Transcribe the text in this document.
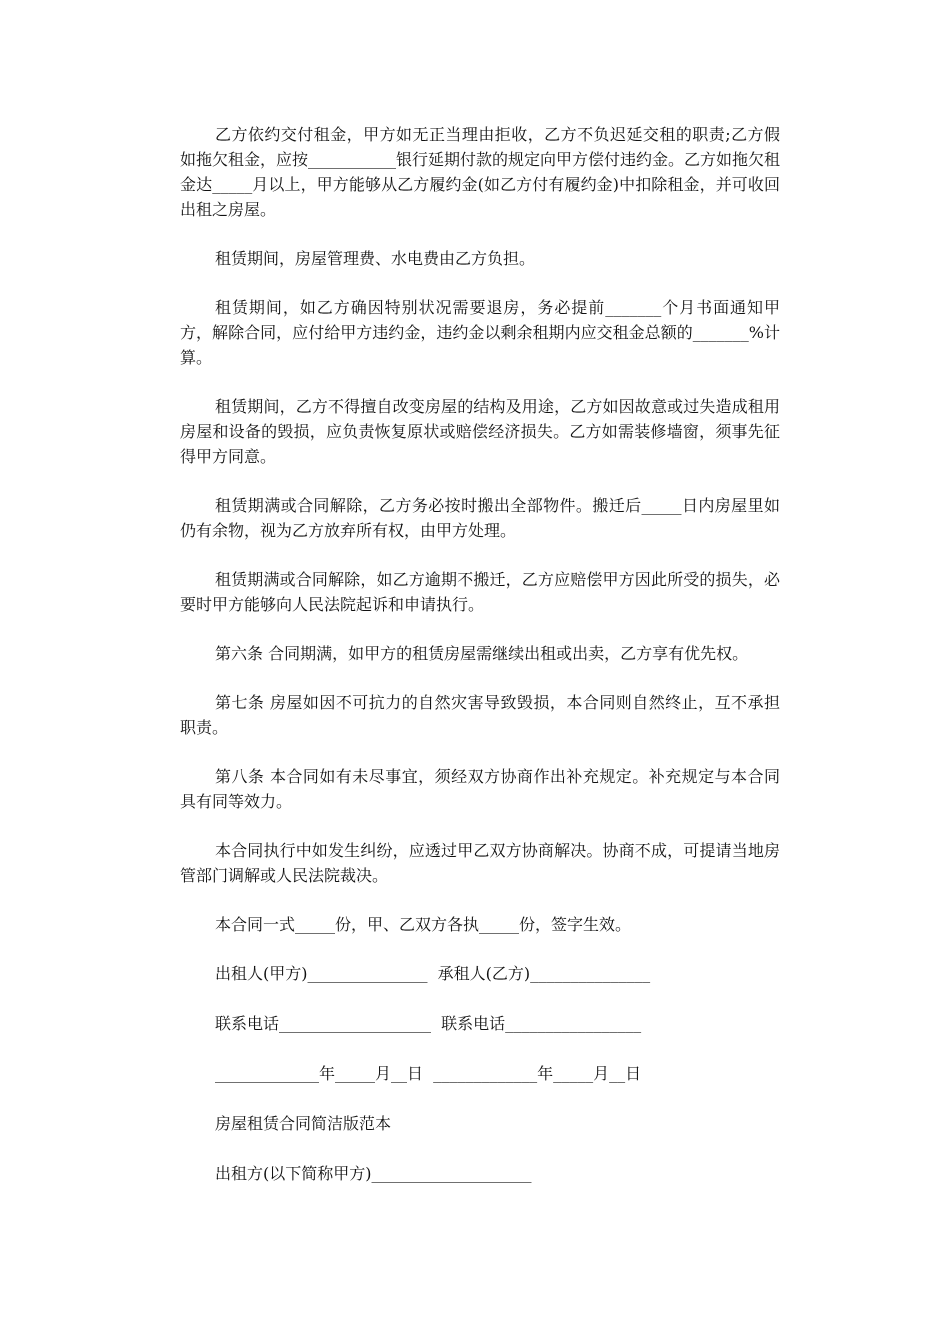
乙方依约交付租金，甲方如无正当理由拒收，乙方不负迟延交租的职责;乙方假如拖欠租金，应按___________银行延期付款的规定向甲方偿付违约金。乙方如拖欠租金达_____月以上，甲方能够从乙方履约金(如乙方付有履约金)中扣除租金，并可收回出租之房屋。

租赁期间，房屋管理费、水电费由乙方负担。

租赁期间，如乙方确因特别状况需要退房，务必提前_______个月书面通知甲方，解除合同，应付给甲方违约金，违约金以剩余租期内应交租金总额的_______%计算。

租赁期间，乙方不得擅自改变房屋的结构及用途，乙方如因故意或过失造成租用房屋和设备的毁损，应负责恢复原状或赔偿经济损失。乙方如需装修墙窗，须事先征得甲方同意。

租赁期满或合同解除，乙方务必按时搬出全部物件。搬迁后_____日内房屋里如仍有余物，视为乙方放弃所有权，由甲方处理。

租赁期满或合同解除，如乙方逾期不搬迁，乙方应赔偿甲方因此所受的损失，必要时甲方能够向人民法院起诉和申请执行。

第六条 合同期满，如甲方的租赁房屋需继续出租或出卖，乙方享有优先权。

第七条 房屋如因不可抗力的自然灾害导致毁损，本合同则自然终止，互不承担职责。

第八条 本合同如有未尽事宜，须经双方协商作出补充规定。补充规定与本合同具有同等效力。

本合同执行中如发生纠纷，应透过甲乙双方协商解决。协商不成，可提请当地房管部门调解或人民法院裁决。

本合同一式_____份，甲、乙双方各执_____份，签字生效。

出租人(甲方)_______________  承租人(乙方)_______________

联系电话___________________  联系电话_________________

_____________年_____月__日  _____________年_____月__日

房屋租赁合同简洁版范本

出租方(以下简称甲方)____________________
